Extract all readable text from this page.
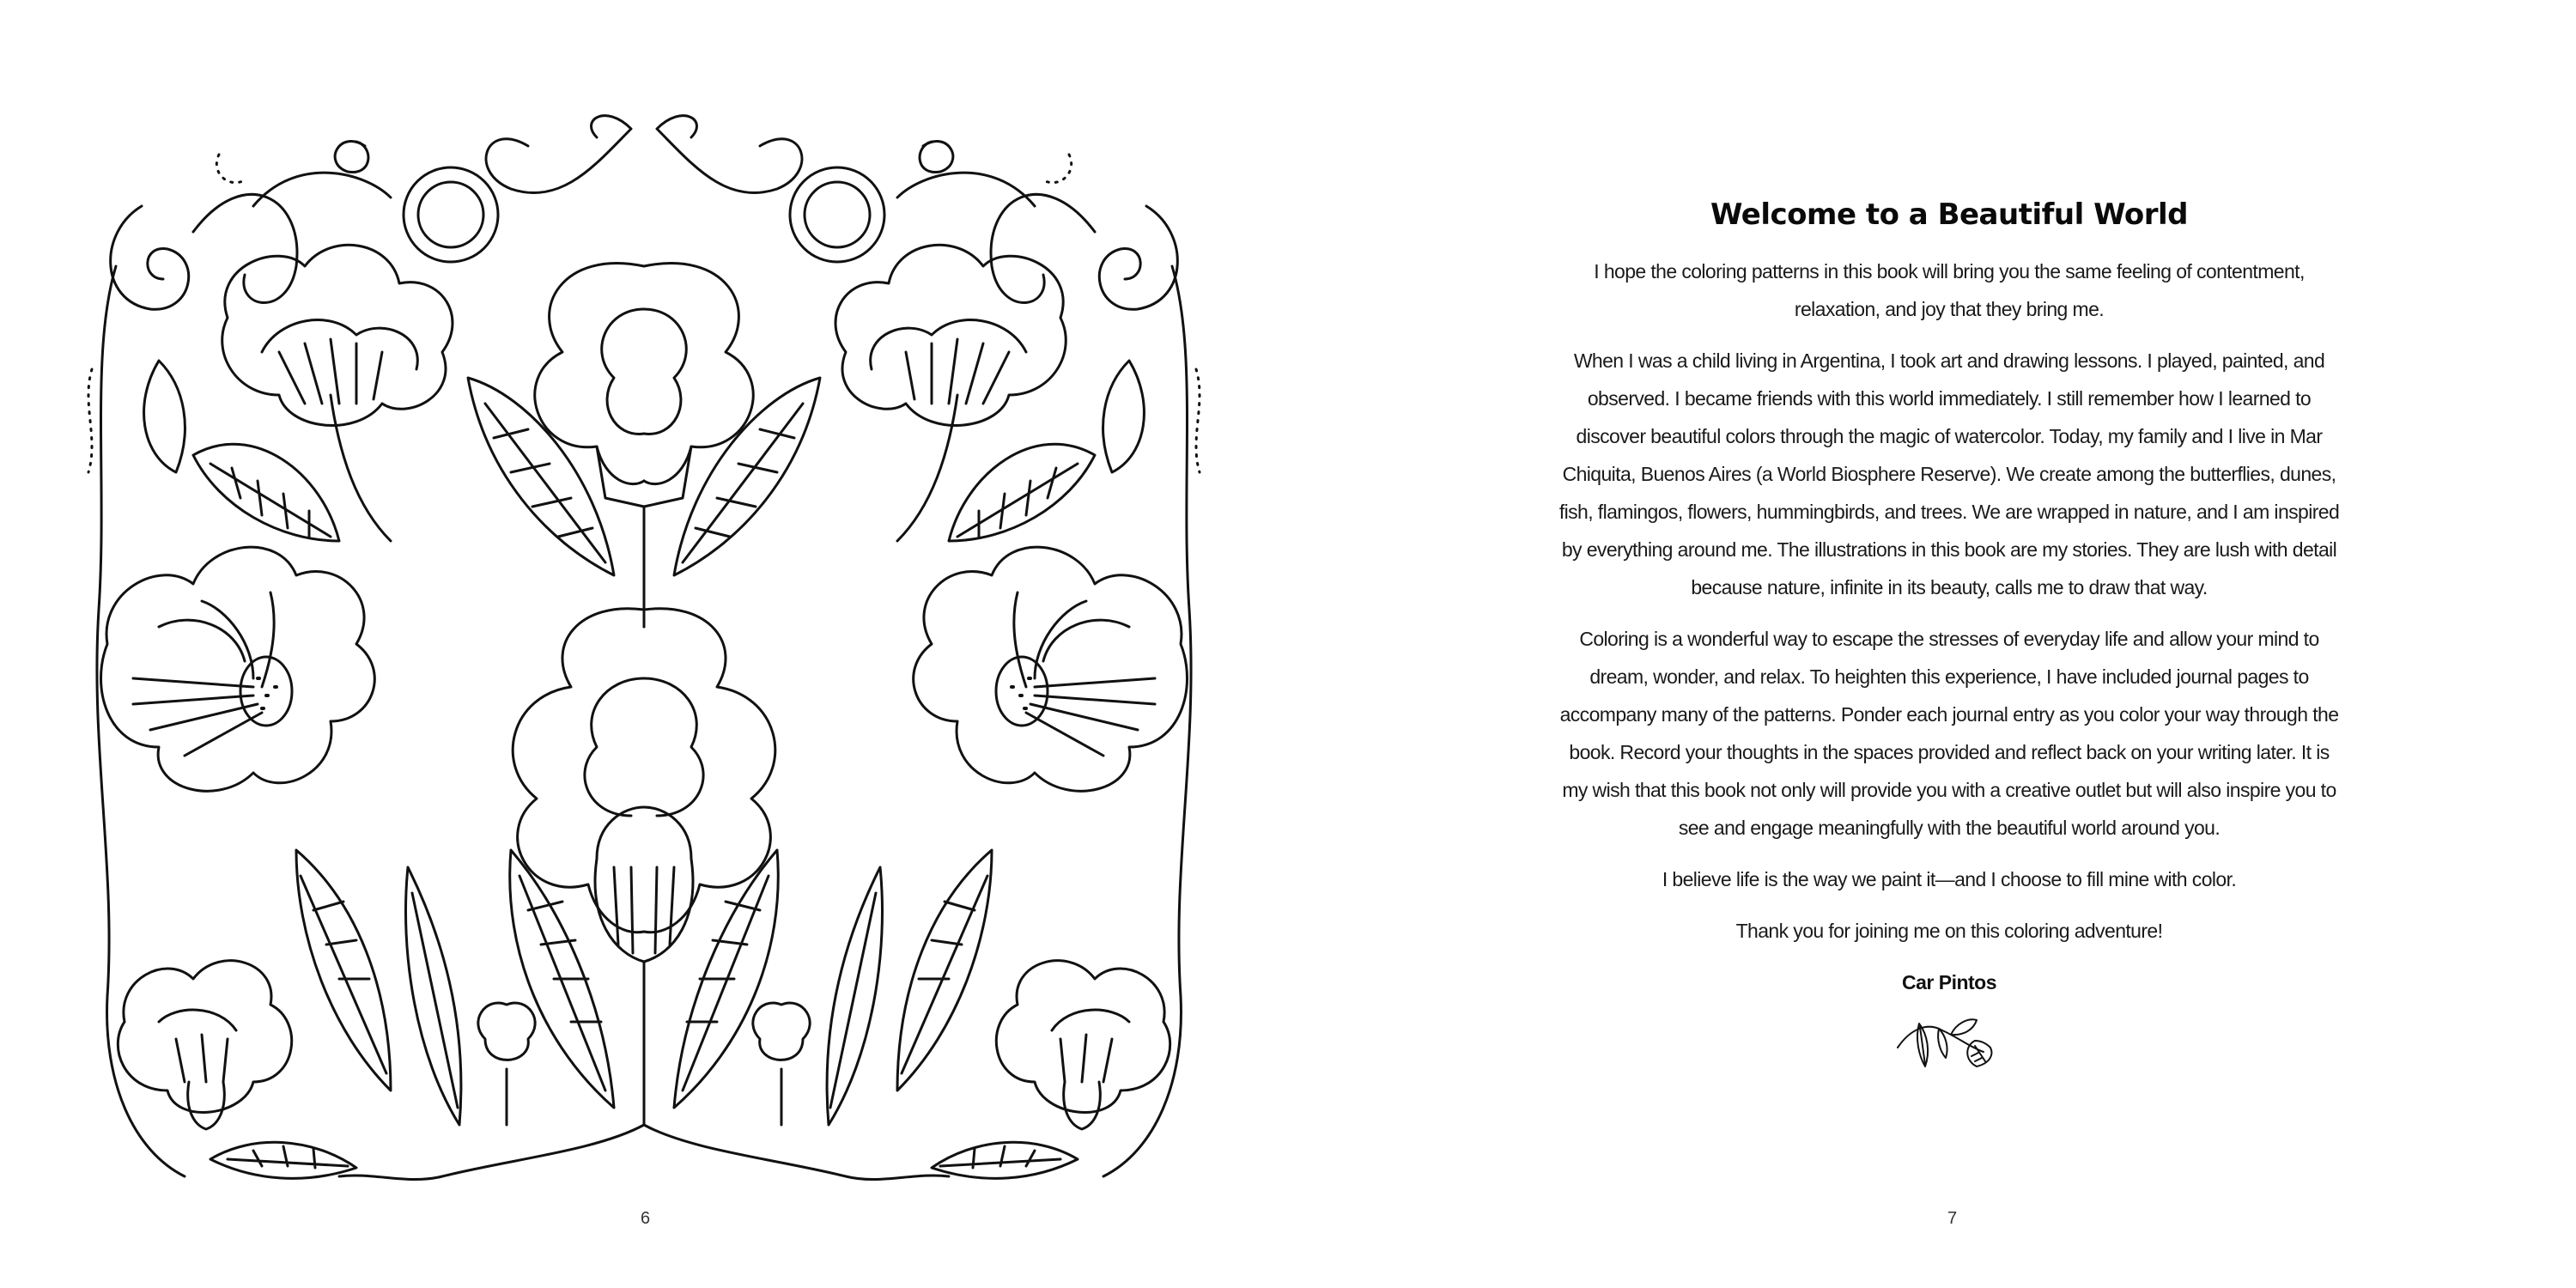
6
Welcome to a Beautiful World

I hope the coloring patterns in this book will bring you the same feeling of contentment, relaxation, and joy that they bring me.

When I was a child living in Argentina, I took art and drawing lessons. I played, painted, and observed. I became friends with this world immediately. I still remember how I learned to discover beautiful colors through the magic of watercolor. Today, my family and I live in Mar Chiquita, Buenos Aires (a World Biosphere Reserve). We create among the butterflies, dunes, fish, flamingos, flowers, hummingbirds, and trees. We are wrapped in nature, and I am inspired by everything around me. The illustrations in this book are my stories. They are lush with detail because nature, infinite in its beauty, calls me to draw that way.

Coloring is a wonderful way to escape the stresses of everyday life and allow your mind to dream, wonder, and relax. To heighten this experience, I have included journal pages to accompany many of the patterns. Ponder each journal entry as you color your way through the book. Record your thoughts in the spaces provided and reflect back on your writing later. It is my wish that this book not only will provide you with a creative outlet but will also inspire you to see and engage meaningfully with the beautiful world around you.

I believe life is the way we paint it—and I choose to fill mine with color.

Thank you for joining me on this coloring adventure!

Car Pintos

7
